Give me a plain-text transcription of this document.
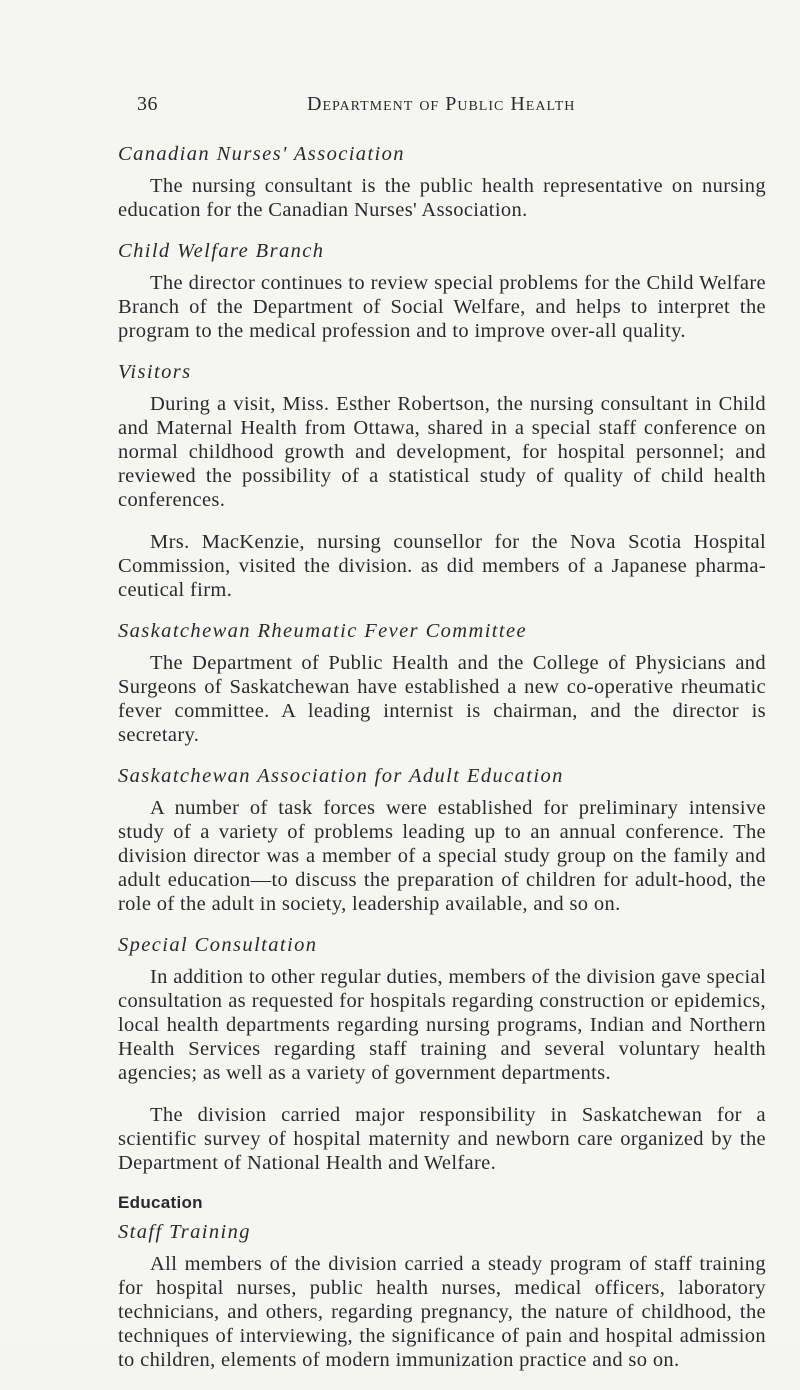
36	Department of Public Health
Canadian Nurses' Association

The nursing consultant is the public health representative on nursing education for the Canadian Nurses' Association.

Child Welfare Branch

The director continues to review special problems for the Child Welfare Branch of the Department of Social Welfare, and helps to interpret the program to the medical profession and to improve over-all quality.

Visitors

During a visit, Miss. Esther Robertson, the nursing consultant in Child and Maternal Health from Ottawa, shared in a special staff conference on normal childhood growth and development, for hospital personnel; and reviewed the possibility of a statistical study of quality of child health conferences.

Mrs. MacKenzie, nursing counsellor for the Nova Scotia Hospital Commission, visited the division. as did members of a Japanese pharma-ceutical firm.

Saskatchewan Rheumatic Fever Committee

The Department of Public Health and the College of Physicians and Surgeons of Saskatchewan have established a new co-operative rheumatic fever committee. A leading internist is chairman, and the director is secretary.

Saskatchewan Association for Adult Education

A number of task forces were established for preliminary intensive study of a variety of problems leading up to an annual conference. The division director was a member of a special study group on the family and adult education—to discuss the preparation of children for adult-hood, the role of the adult in society, leadership available, and so on.

Special Consultation

In addition to other regular duties, members of the division gave special consultation as requested for hospitals regarding construction or epidemics, local health departments regarding nursing programs, Indian and Northern Health Services regarding staff training and several voluntary health agencies; as well as a variety of government departments.

The division carried major responsibility in Saskatchewan for a scientific survey of hospital maternity and newborn care organized by the Department of National Health and Welfare.

Education
Staff Training

All members of the division carried a steady program of staff training for hospital nurses, public health nurses, medical officers, laboratory technicians, and others, regarding pregnancy, the nature of childhood, the techniques of interviewing, the significance of pain and hospital admission to children, elements of modern immunization practice and so on.
